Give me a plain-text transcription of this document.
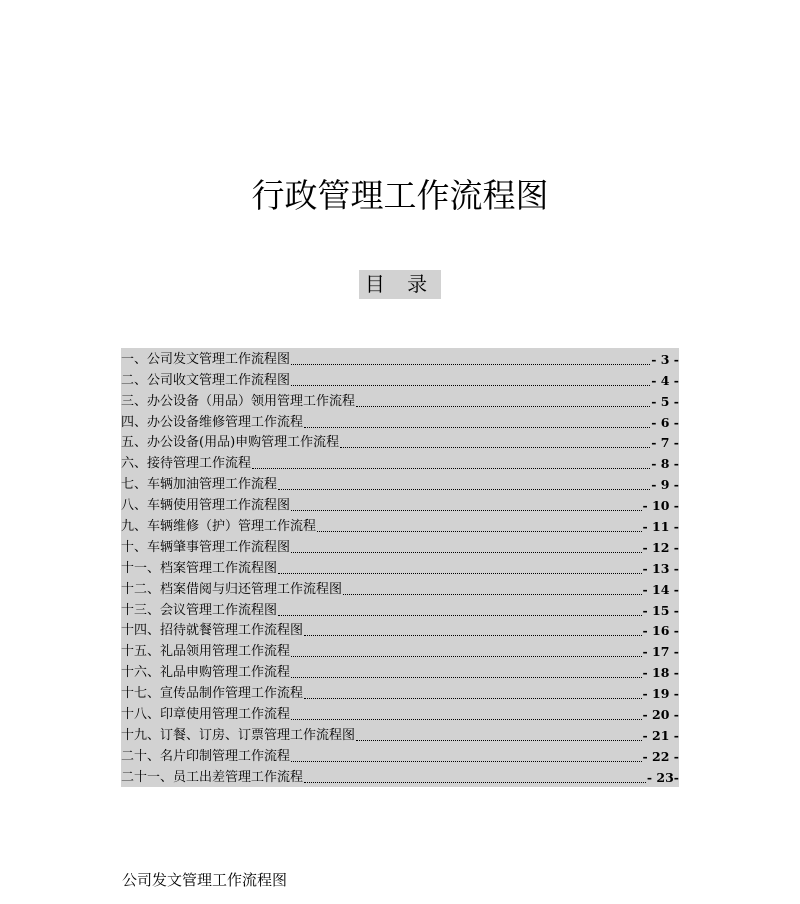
行政管理工作流程图
目 录
一、公司发文管理工作流程图	- 3 -
二、公司收文管理工作流程图	- 4 -
三、办公设备（用品）领用管理工作流程	- 5 -
四、办公设备维修管理工作流程	- 6 -
五、办公设备(用品)申购管理工作流程	- 7 -
六、接待管理工作流程	- 8 -
七、车辆加油管理工作流程	- 9 -
八、车辆使用管理工作流程图	- 10 -
九、车辆维修（护）管理工作流程	- 11 -
十、车辆肇事管理工作流程图	- 12 -
十一、档案管理工作流程图	- 13 -
十二、档案借阅与归还管理工作流程图	- 14 -
十三、会议管理工作流程图	- 15 -
十四、招待就餐管理工作流程图	- 16 -
十五、礼品领用管理工作流程	- 17 -
十六、礼品申购管理工作流程	- 18 -
十七、宣传品制作管理工作流程	- 19 -
十八、印章使用管理工作流程	- 20 -
十九、订餐、订房、订票管理工作流程图	- 21 -
二十、名片印制管理工作流程	- 22 -
二十一、员工出差管理工作流程	- 23-
公司发文管理工作流程图
